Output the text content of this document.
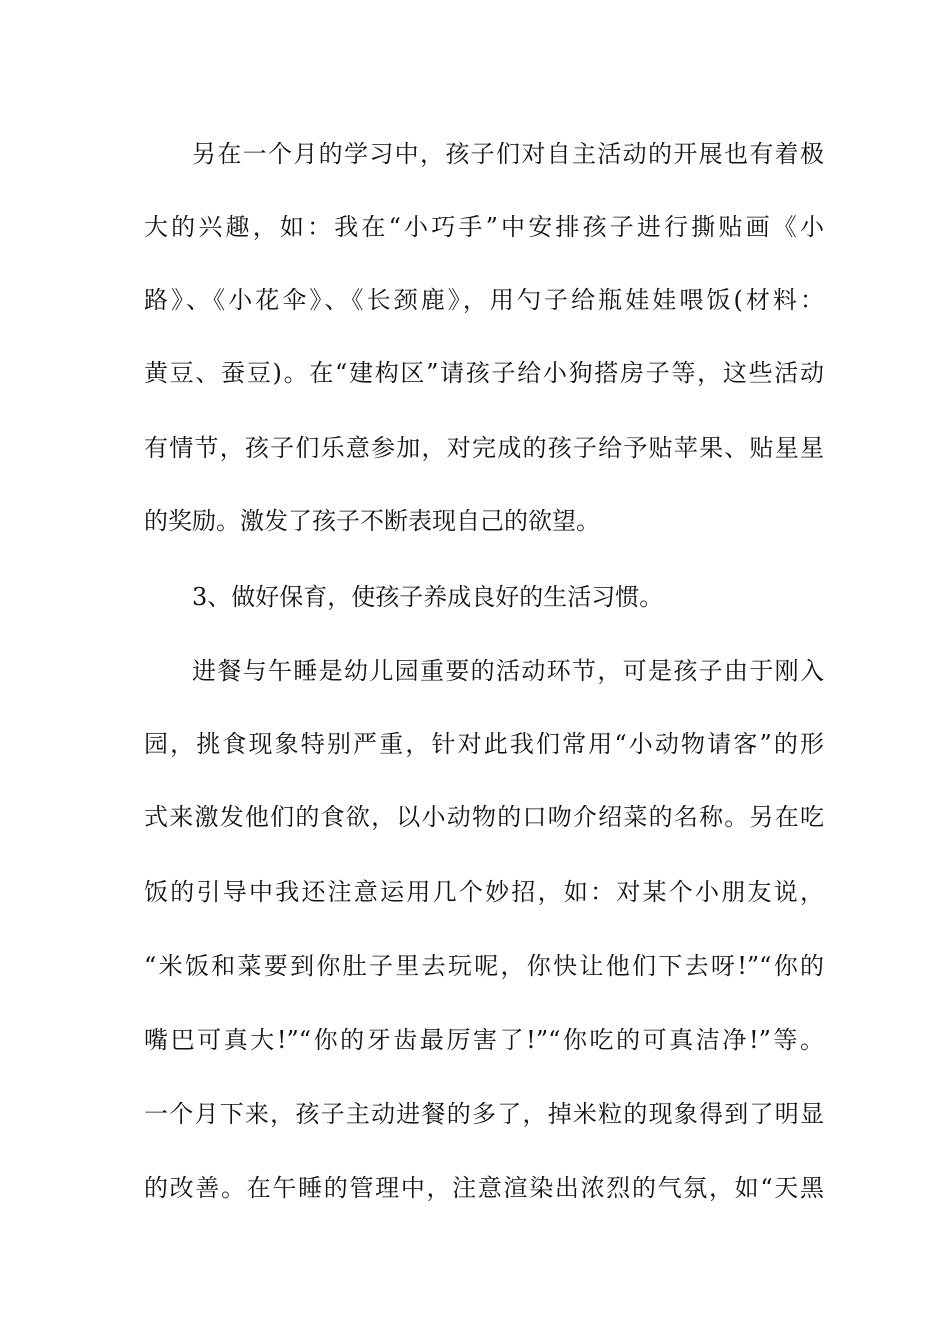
另在一个月的学习中，孩子们对自主活动的开展也有着极
大的兴趣，如：我在“小巧手”中安排孩子进行撕贴画《小
路》、《小花伞》、《长颈鹿》，用勺子给瓶娃娃喂饭(材料：
黄豆、蚕豆)。在“建构区”请孩子给小狗搭房子等，这些活动
有情节，孩子们乐意参加，对完成的孩子给予贴苹果、贴星星
的奖励。激发了孩子不断表现自己的欲望。
3、做好保育，使孩子养成良好的生活习惯。
进餐与午睡是幼儿园重要的活动环节，可是孩子由于刚入
园，挑食现象特别严重，针对此我们常用“小动物请客”的形
式来激发他们的食欲，以小动物的口吻介绍菜的名称。另在吃
饭的引导中我还注意运用几个妙招，如：对某个小朋友说，
“米饭和菜要到你肚子里去玩呢，你快让他们下去呀!”“你的
嘴巴可真大!”“你的牙齿最厉害了!”“你吃的可真洁净!”等。
一个月下来，孩子主动进餐的多了，掉米粒的现象得到了明显
的改善。在午睡的管理中，注意渲染出浓烈的气氛，如“天黑
